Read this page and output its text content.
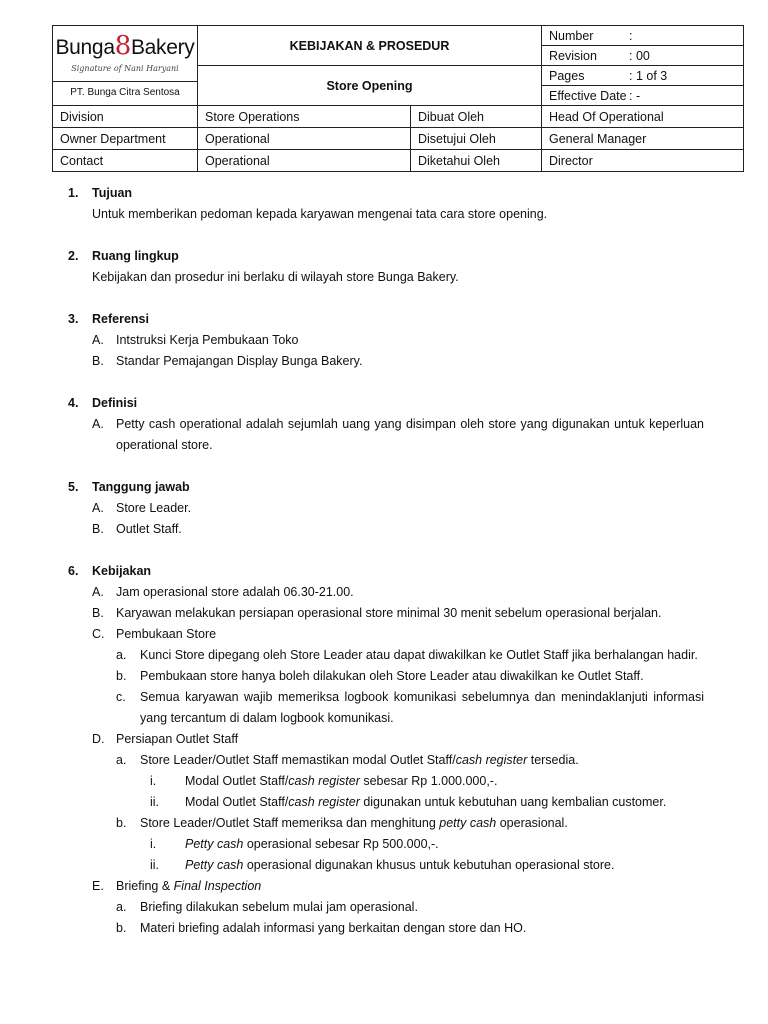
Bunga8Bakery
Signature of Nani Haryani
PT. Bunga Citra Sentosa	KEBIJAKAN & PROSEDUR		Number :
			Revision : 00
	Store Opening		Pages : 1 of 3
			Effective Date : -
Division	Store Operations	Dibuat Oleh	Head Of Operational
Owner Department	Operational	Disetujui Oleh	General Manager
Contact	Operational	Diketahui Oleh	Director
1.	Tujuan
Untuk memberikan pedoman kepada karyawan mengenai tata cara store opening.
2.	Ruang lingkup
Kebijakan dan prosedur ini berlaku di wilayah store Bunga Bakery.
3.	Referensi
A. Intstruksi Kerja Pembukaan Toko
B. Standar Pemajangan Display Bunga Bakery.
4.	Definisi
A. Petty cash operational adalah sejumlah uang yang disimpan oleh store yang digunakan untuk keperluan operational store.
5.	Tanggung jawab
A. Store Leader.
B. Outlet Staff.
6.	Kebijakan
A. Jam operasional store adalah 06.30-21.00.
B. Karyawan melakukan persiapan operasional store minimal 30 menit sebelum operasional berjalan.
C. Pembukaan Store
a.	Kunci Store dipegang oleh Store Leader atau dapat diwakilkan ke Outlet Staff jika berhalangan hadir.
b.	Pembukaan store hanya boleh dilakukan oleh Store Leader atau diwakilkan ke Outlet Staff.
c.	Semua karyawan wajib memeriksa logbook komunikasi sebelumnya dan menindaklanjuti informasi yang tercantum di dalam logbook komunikasi.
D. Persiapan Outlet Staff
a.	Store Leader/Outlet Staff memastikan modal Outlet Staff/cash register tersedia.
i.	Modal Outlet Staff/cash register sebesar Rp 1.000.000,-.
ii.	Modal Outlet Staff/cash register digunakan untuk kebutuhan uang kembalian customer.
b.	Store Leader/Outlet Staff memeriksa dan menghitung petty cash operasional.
i.	Petty cash operasional sebesar Rp 500.000,-.
ii.	Petty cash operasional digunakan khusus untuk kebutuhan operasional store.
E. Briefing & Final Inspection
a.	Briefing dilakukan sebelum mulai jam operasional.
b.	Materi briefing adalah informasi yang berkaitan dengan store dan HO.
